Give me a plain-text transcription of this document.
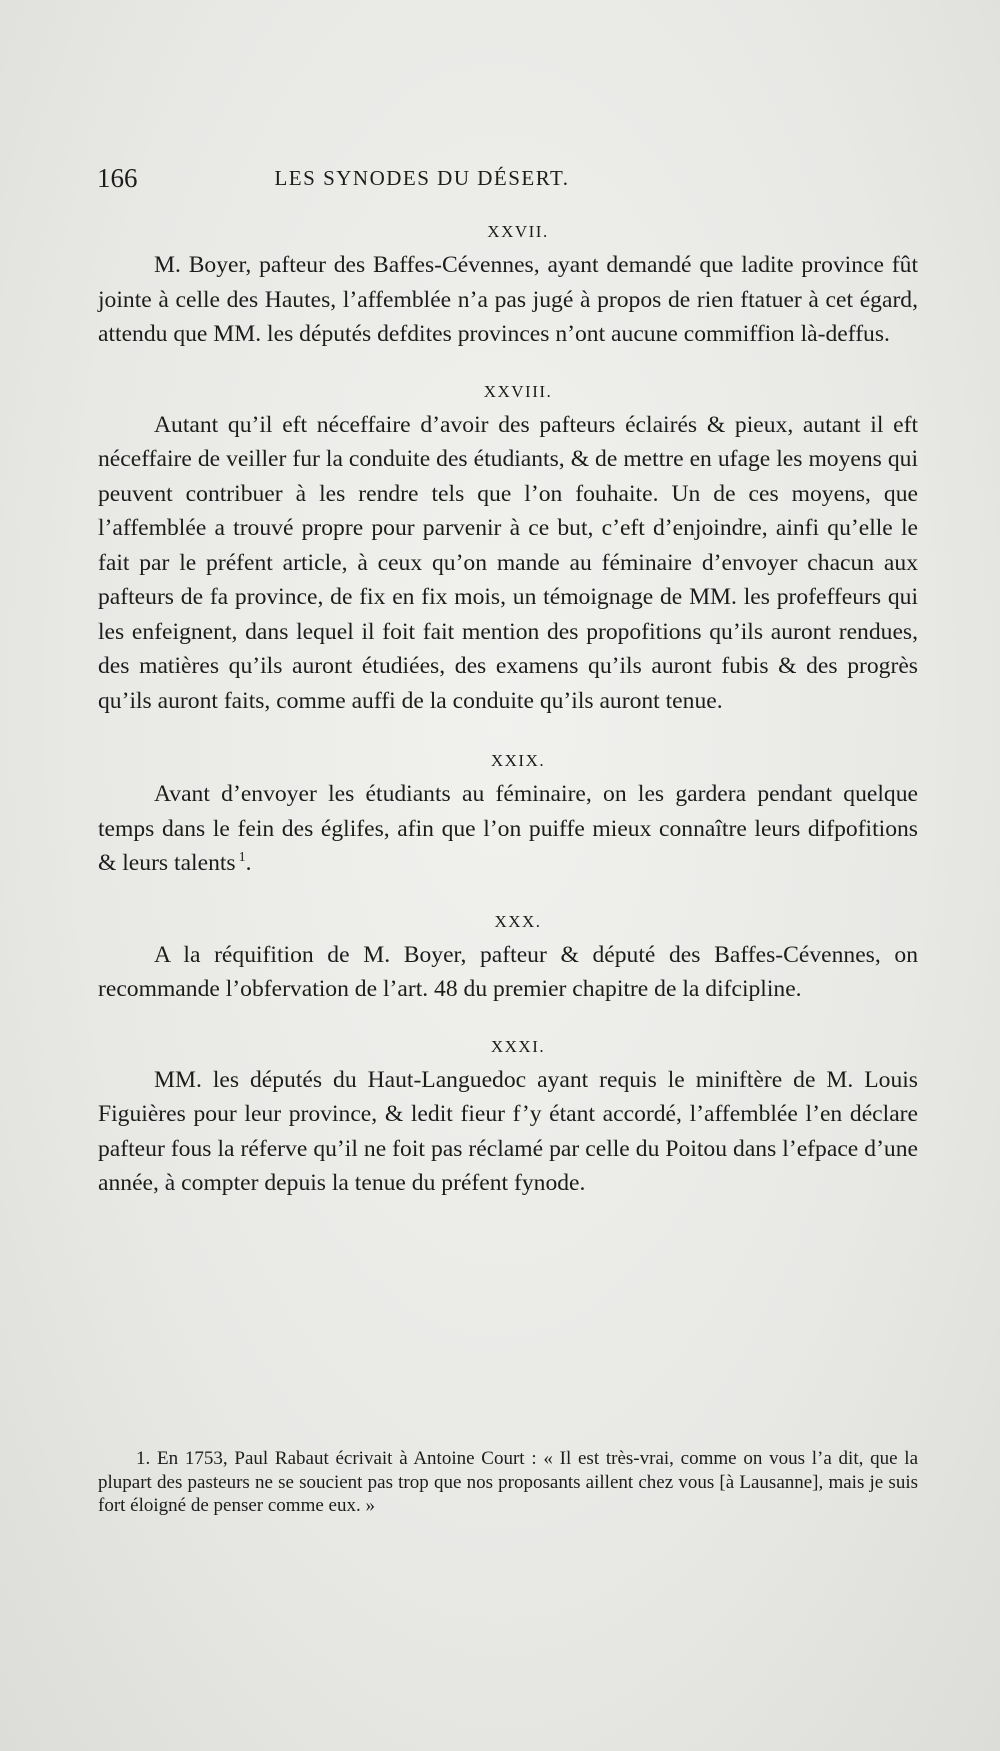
166	LES SYNODES DU DÉSERT.
XXVII.

M. Boyer, pafteur des Baffes-Cévennes, ayant demandé que ladite province fût jointe à celle des Hautes, l’affemblée n’a pas jugé à propos de rien ftatuer à cet égard, attendu que MM. les députés defdites provinces n’ont aucune commiffion là-deffus.

XXVIII.

Autant qu’il eft néceffaire d’avoir des pafteurs éclairés & pieux, autant il eft néceffaire de veiller fur la conduite des étudiants, & de mettre en ufage les moyens qui peuvent contribuer à les rendre tels que l’on fouhaite. Un de ces moyens, que l’affemblée a trouvé propre pour parvenir à ce but, c’eft d’enjoindre, ainfi qu’elle le fait par le préfent article, à ceux qu’on mande au féminaire d’envoyer chacun aux pafteurs de fa province, de fix en fix mois, un témoignage de MM. les profeffeurs qui les enfeignent, dans lequel il foit fait mention des propofitions qu’ils auront rendues, des matières qu’ils auront étudiées, des examens qu’ils auront fubis & des progrès qu’ils auront faits, comme auffi de la conduite qu’ils auront tenue.

XXIX.

Avant d’envoyer les étudiants au féminaire, on les gardera pendant quelque temps dans le fein des églifes, afin que l’on puiffe mieux connaître leurs difpofitions & leurs talents $^1$.

XXX.

A la réquifition de M. Boyer, pafteur & député des Baffes-Cévennes, on recommande l’obfervation de l’art. 48 du premier chapitre de la difcipline.

XXXI.

MM. les députés du Haut-Languedoc ayant requis le miniftère de M. Louis Figuières pour leur province, & ledit fieur f’y étant accordé, l’affemblée l’en déclare pafteur fous la réferve qu’il ne foit pas réclamé par celle du Poitou dans l’efpace d’une année, à compter depuis la tenue du préfent fynode.

1. En 1753, Paul Rabaut écrivait à Antoine Court : « Il est très-vrai, comme on vous l’a dit, que la plupart des pasteurs ne se soucient pas trop que nos proposants aillent chez vous [à Lausanne], mais je suis fort éloigné de penser comme eux. »
